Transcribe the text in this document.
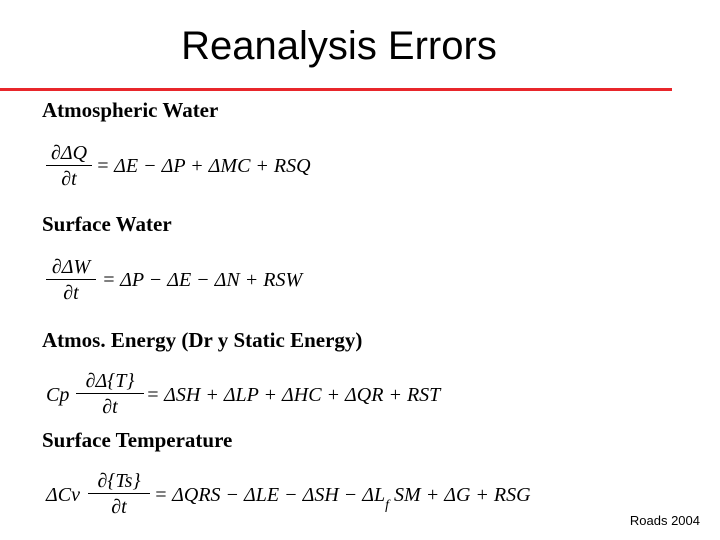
Reanalysis Errors
Atmospheric Water
∂ΔQ
∂t
= ΔE − ΔP + ΔMC + RSQ
Surface Water
∂ΔW
∂t
= ΔP − ΔE − ΔN + RSW
Atmos. Energy (Dr y Static Energy)
Cp
∂Δ{T}
∂t
= ΔSH + ΔLP + ΔHC + ΔQR + RST
Surface Temperature
ΔCv
∂{Ts}
∂t
= $\Delta QRS - \Delta LE - \Delta SH - \Delta L_f$ SM + ΔG + RSG
Roads 2004
